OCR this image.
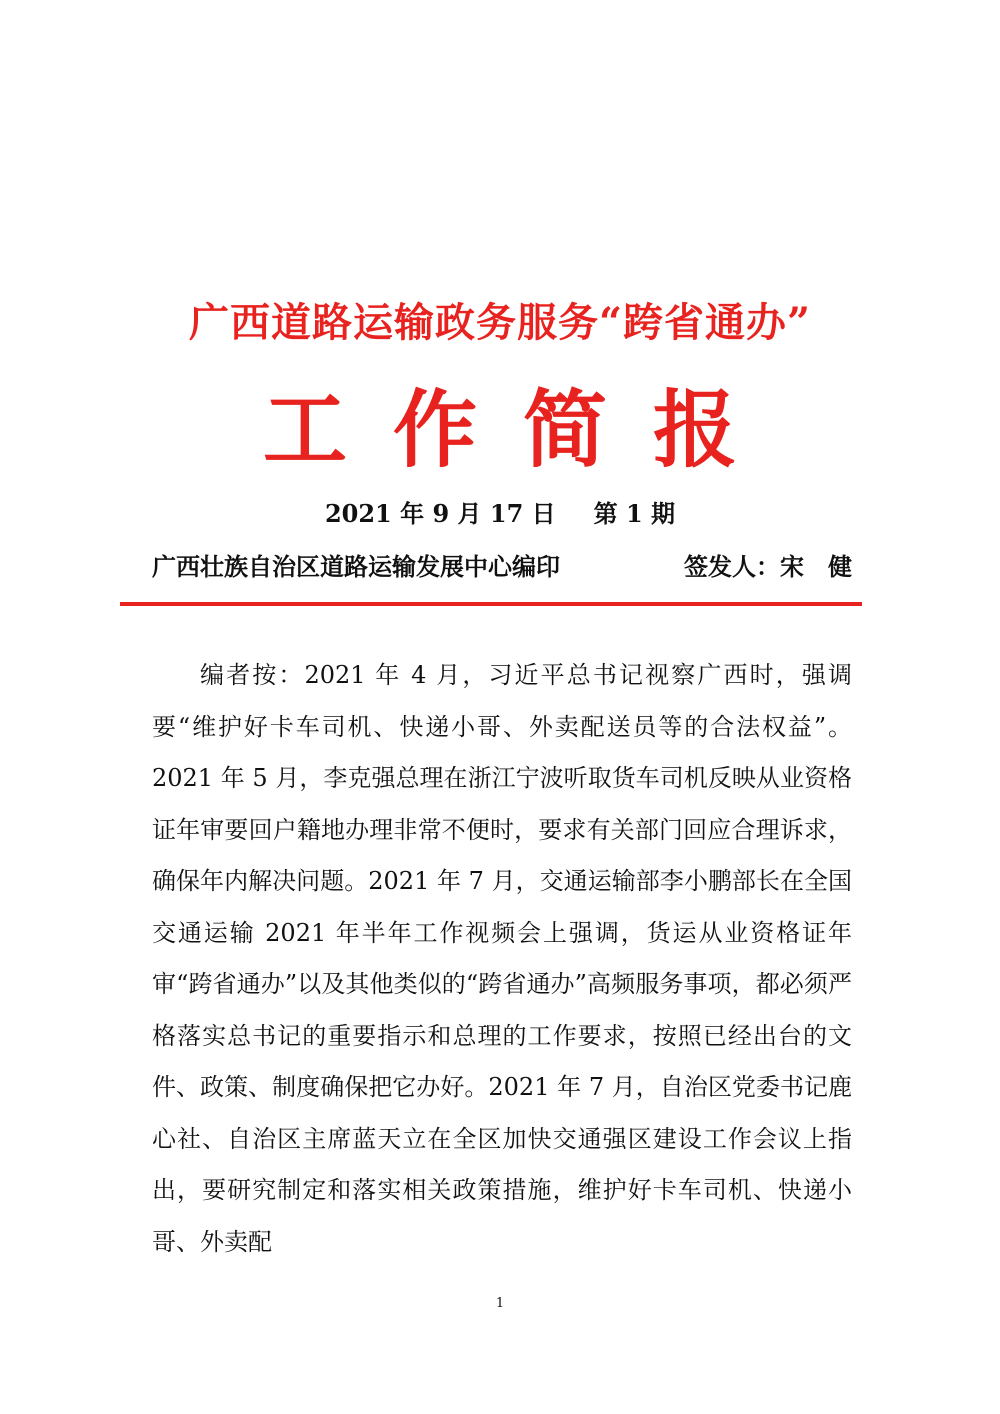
广西道路运输政务服务“跨省通办”
工作简报
2021 年 9 月 17 日 第 1 期
广西壮族自治区道路运输发展中心编印	签发人：宋　健

编者按：2021 年 4 月，习近平总书记视察广西时，强调要“维护好卡车司机、快递小哥、外卖配送员等的合法权益”。2021 年 5 月，李克强总理在浙江宁波听取货车司机反映从业资格证年审要回户籍地办理非常不便时，要求有关部门回应合理诉求，确保年内解决问题。2021 年 7 月，交通运输部李小鹏部长在全国交通运输 2021 年半年工作视频会上强调，货运从业资格证年审“跨省通办”以及其他类似的“跨省通办”高频服务事项，都必须严格落实总书记的重要指示和总理的工作要求，按照已经出台的文件、政策、制度确保把它办好。2021 年 7 月，自治区党委书记鹿心社、自治区主席蓝天立在全区加快交通强区建设工作会议上指出，要研究制定和落实相关政策措施，维护好卡车司机、快递小哥、外卖配

1
